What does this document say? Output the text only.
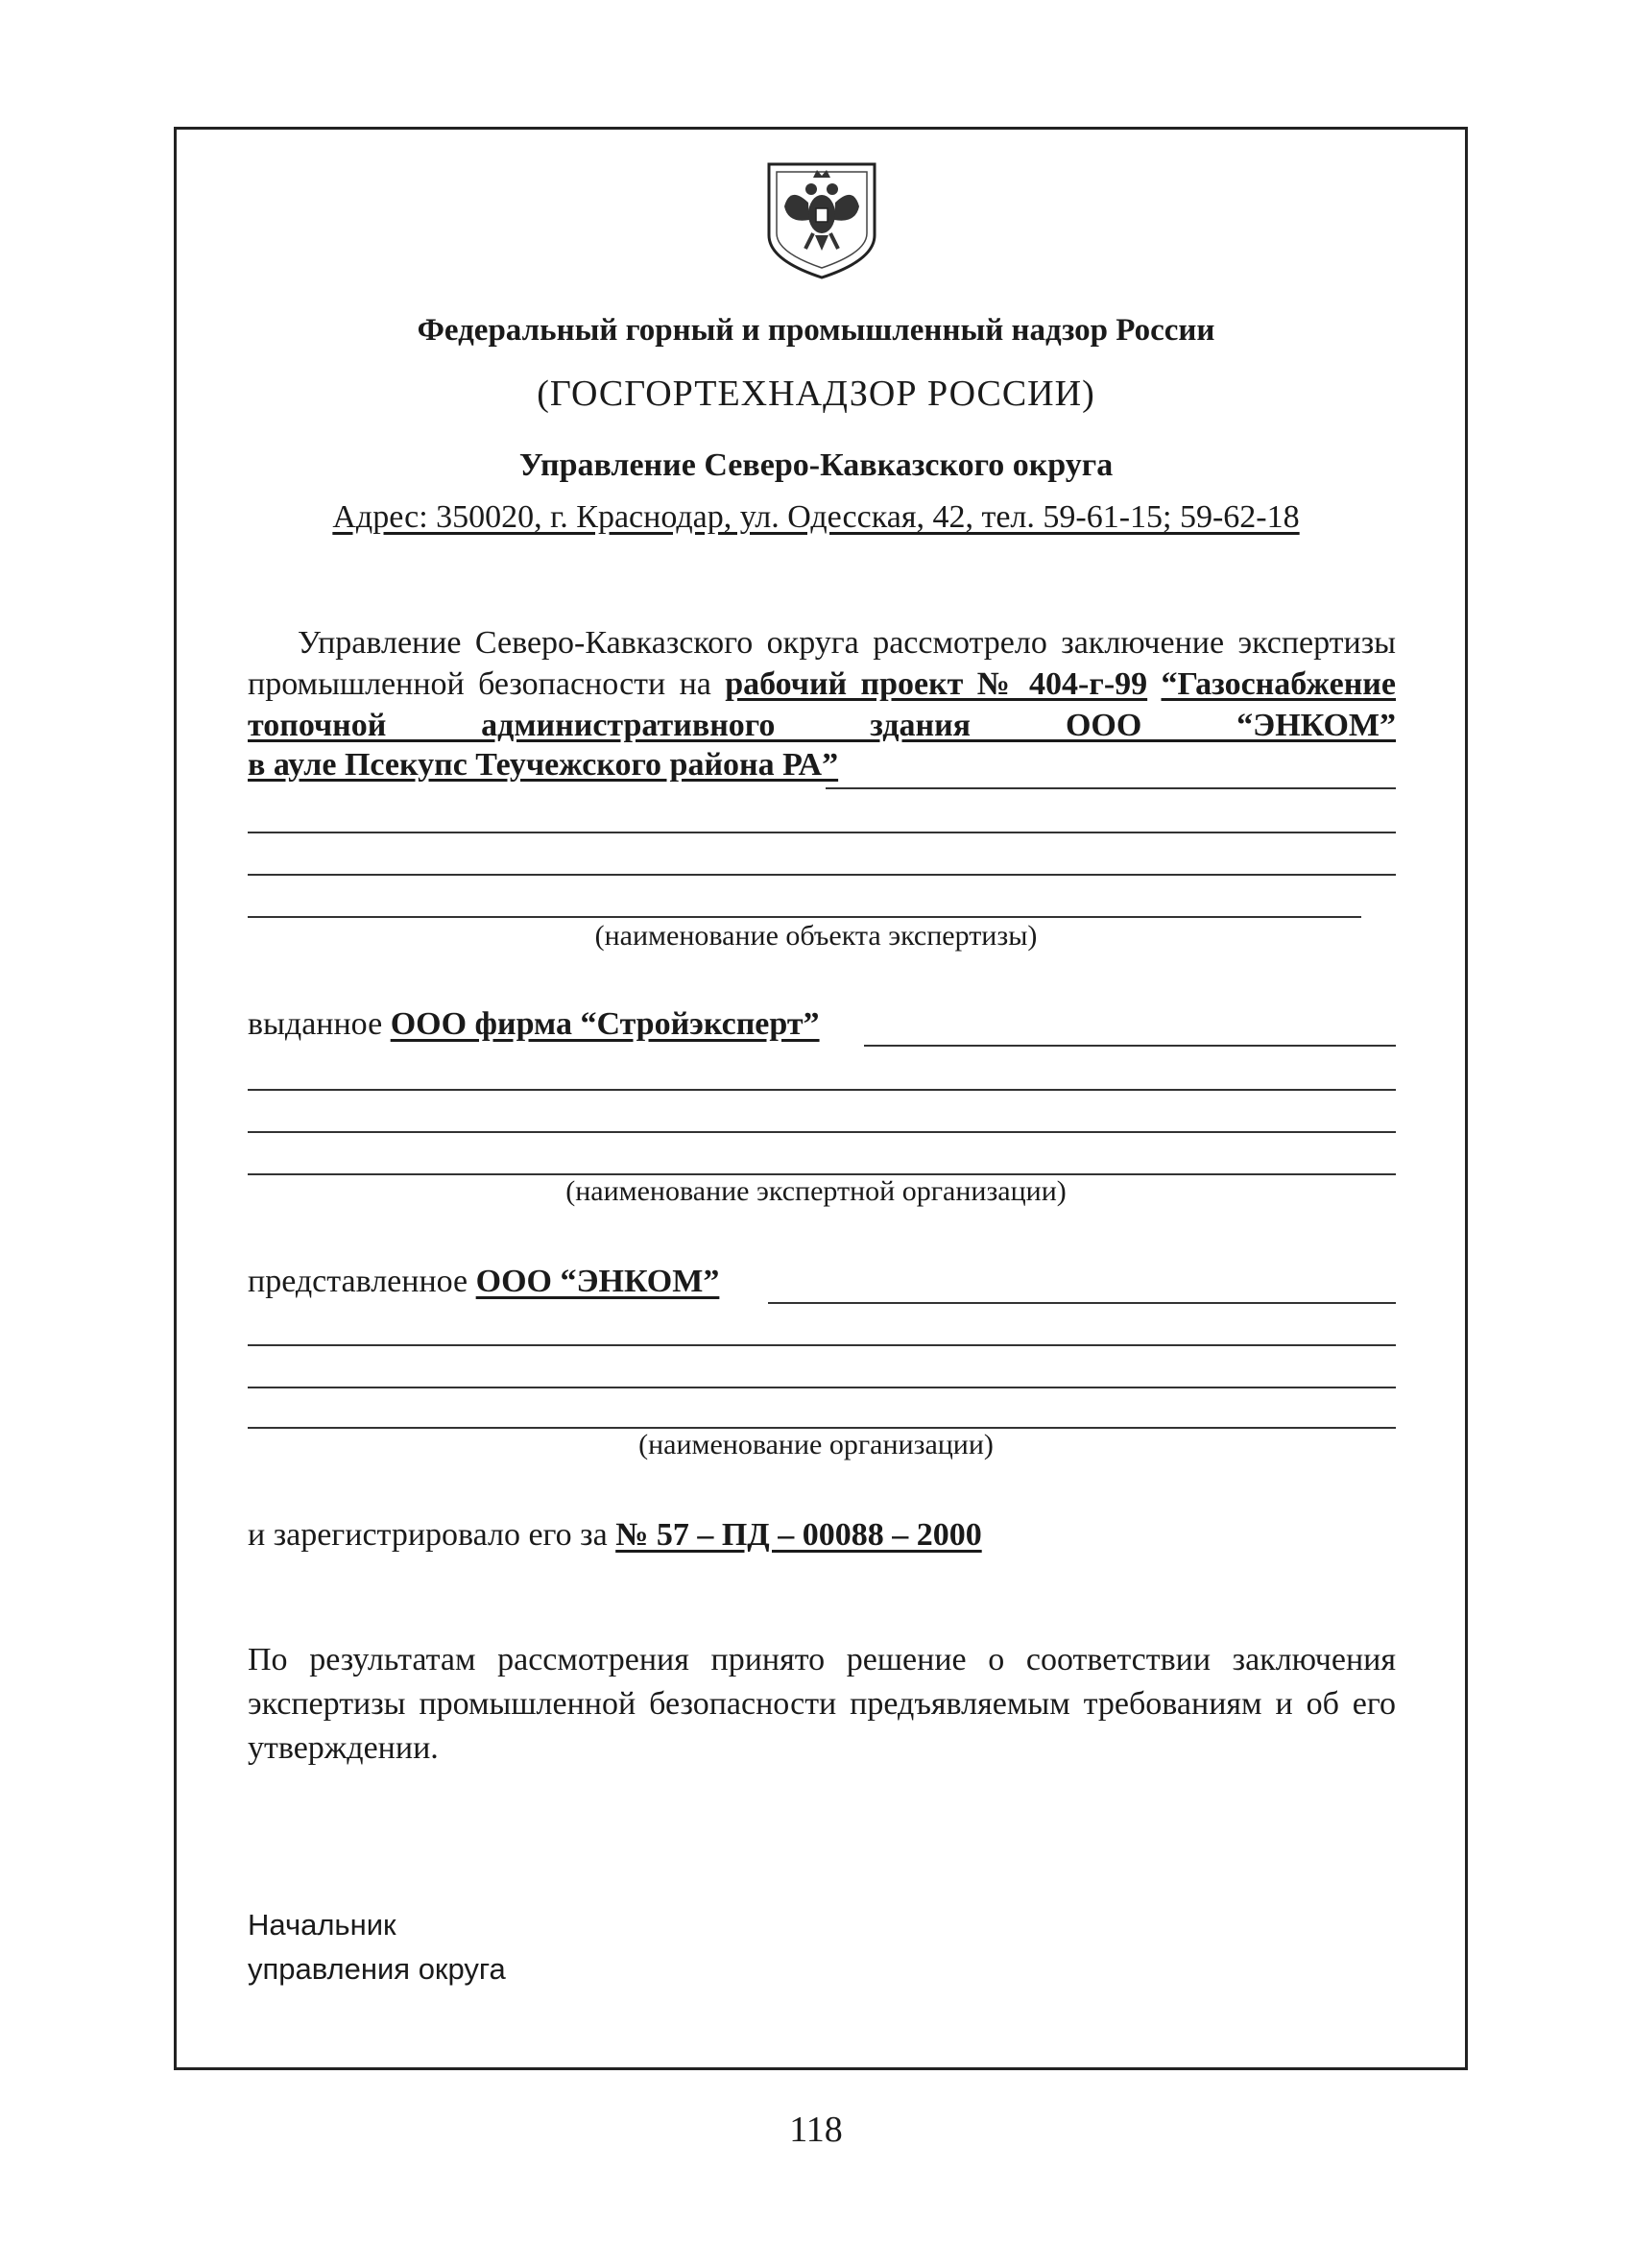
Федеральный горный и промышленный надзор России
(ГОСГОРТЕХНАДЗОР РОССИИ)
Управление Северо-Кавказского округа
Адрес: 350020, г. Краснодар, ул. Одесская, 42, тел. 59-61-15; 59-62-18
Управление Северо-Кавказского округа рассмотрело заключение экспертизы промышленной безопасности на рабочий проект № 404-г-99 “Газоснабжение топочной административного здания ООО “ЭНКОМ”
в ауле Псекупс Теучежского района РА”
(наименование объекта экспертизы)
выданное ООО фирма “Стройэксперт”
(наименование экспертной организации)
представленное ООО “ЭНКОМ”
(наименование организации)
и зарегистрировало его за № 57 – ПД – 00088 – 2000
По результатам рассмотрения принято решение о соответствии заключения экспертизы промышленной безопасности предъявляемым требованиям и об его утверждении.
Начальник
управления округа
118
